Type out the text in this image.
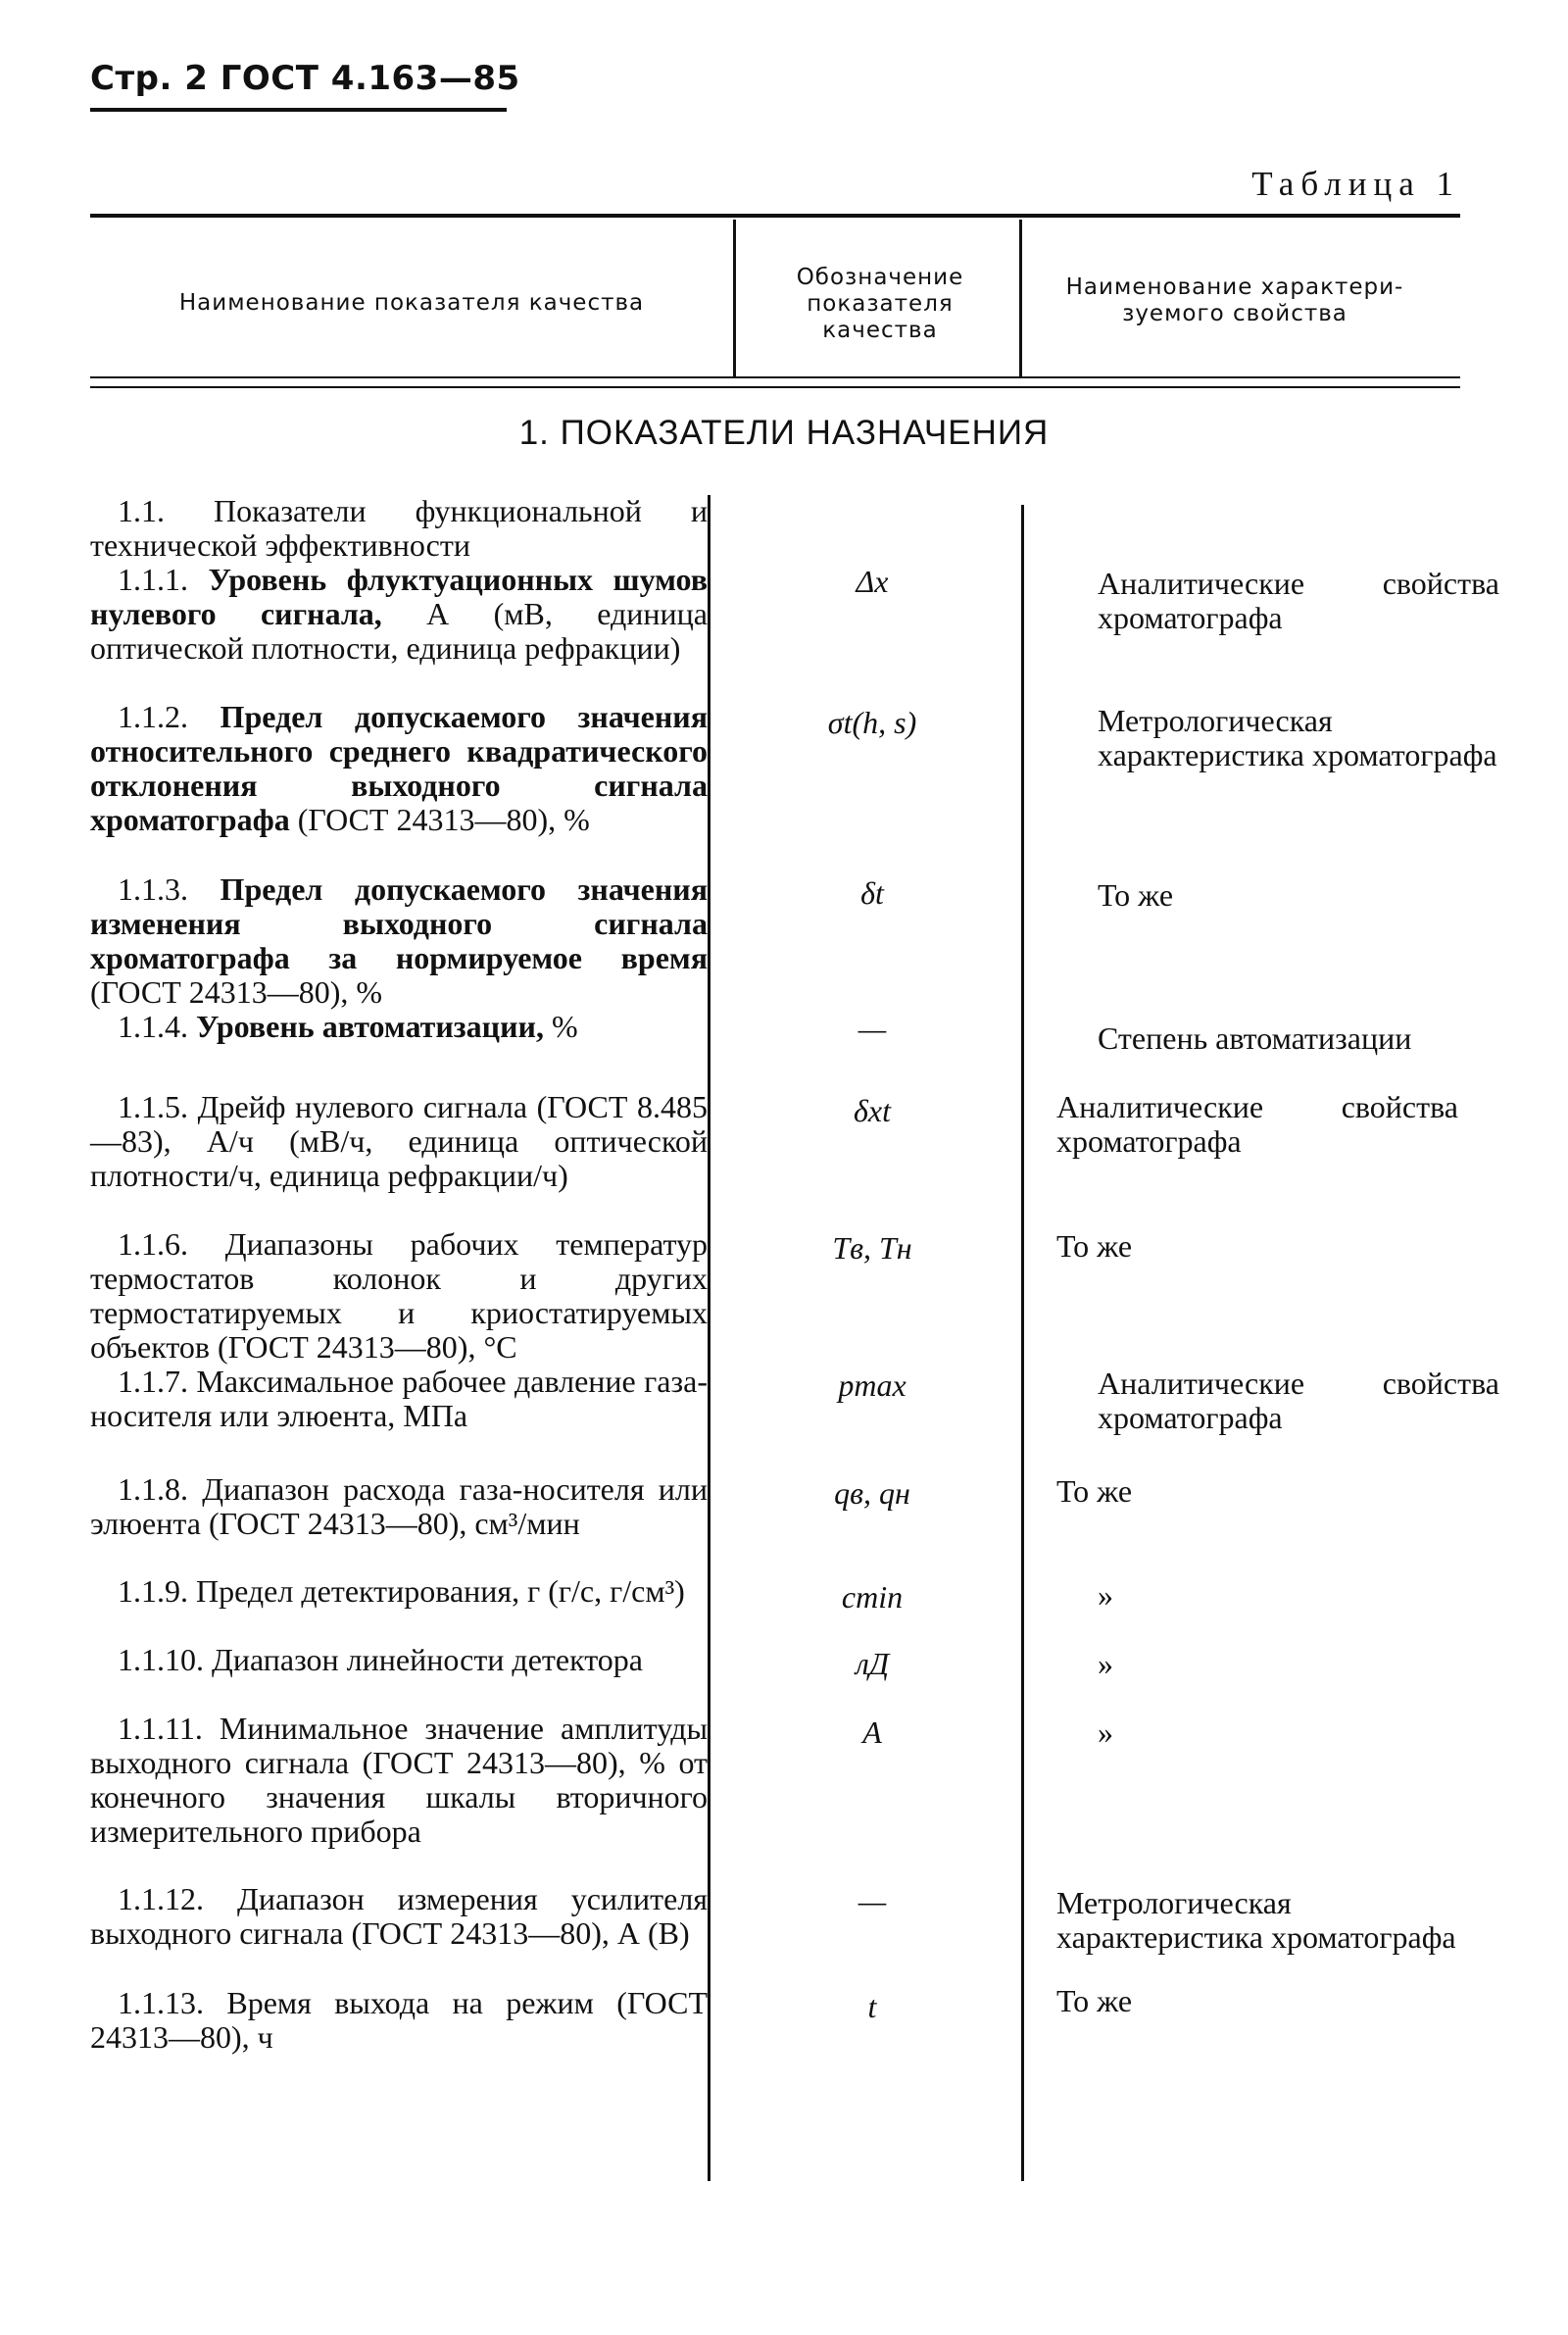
Стр. 2 ГОСТ 4.163—85
Таблица 1
Наименование показателя качества
Обозначение показателя качества
Наименование характери-зуемого свойства
1. ПОКАЗАТЕЛИ НАЗНАЧЕНИЯ
1.1. Показатели функциональной и технической эффективности
1.1.1. Уровень флуктуационных шумов нулевого сигнала, А (мВ, единица оптической плотности, единица рефракции)
1.1.2. Предел допускаемого значения относительного среднего квадратического отклонения выходного сигнала хроматографа (ГОСТ 24313—80), %
1.1.3. Предел допускаемого значения изменения выходного сигнала хроматографа за нормируемое время (ГОСТ 24313—80), %
1.1.4. Уровень автоматизации, %
1.1.5. Дрейф нулевого сигнала (ГОСТ 8.485—83), А/ч (мВ/ч, единица оптической плотности/ч, единица рефракции/ч)
1.1.6. Диапазоны рабочих температур термостатов колонок и других термостатируемых и криостатируемых объектов (ГОСТ 24313—80), °С
1.1.7. Максимальное рабочее давление газа-носителя или элюента, МПа
1.1.8. Диапазон расхода газа-носителя или элюента (ГОСТ 24313—80), см³/мин
1.1.9. Предел детектирования, г (г/с, г/см³)
1.1.10. Диапазон линейности детектора
1.1.11. Минимальное значение амплитуды выходного сигнала (ГОСТ 24313—80), % от конечного значения шкалы вторичного измерительного прибора
1.1.12. Диапазон измерения усилителя выходного сигнала (ГОСТ 24313—80), А (В)
1.1.13. Время выхода на режим (ГОСТ 24313—80), ч
Δx
σt(h, s)
δt
—
δxt
Tв, Tн
pmax
qв, qн
cmin
лД
A
—
t
Аналитические свойства хроматографа
Метрологическая характеристика хроматографа
То же
Степень автоматизации
Аналитические свойства хроматографа
То же
Аналитические свойства хроматографа
То же
»
»
»
Метрологическая характеристика хроматографа
То же
